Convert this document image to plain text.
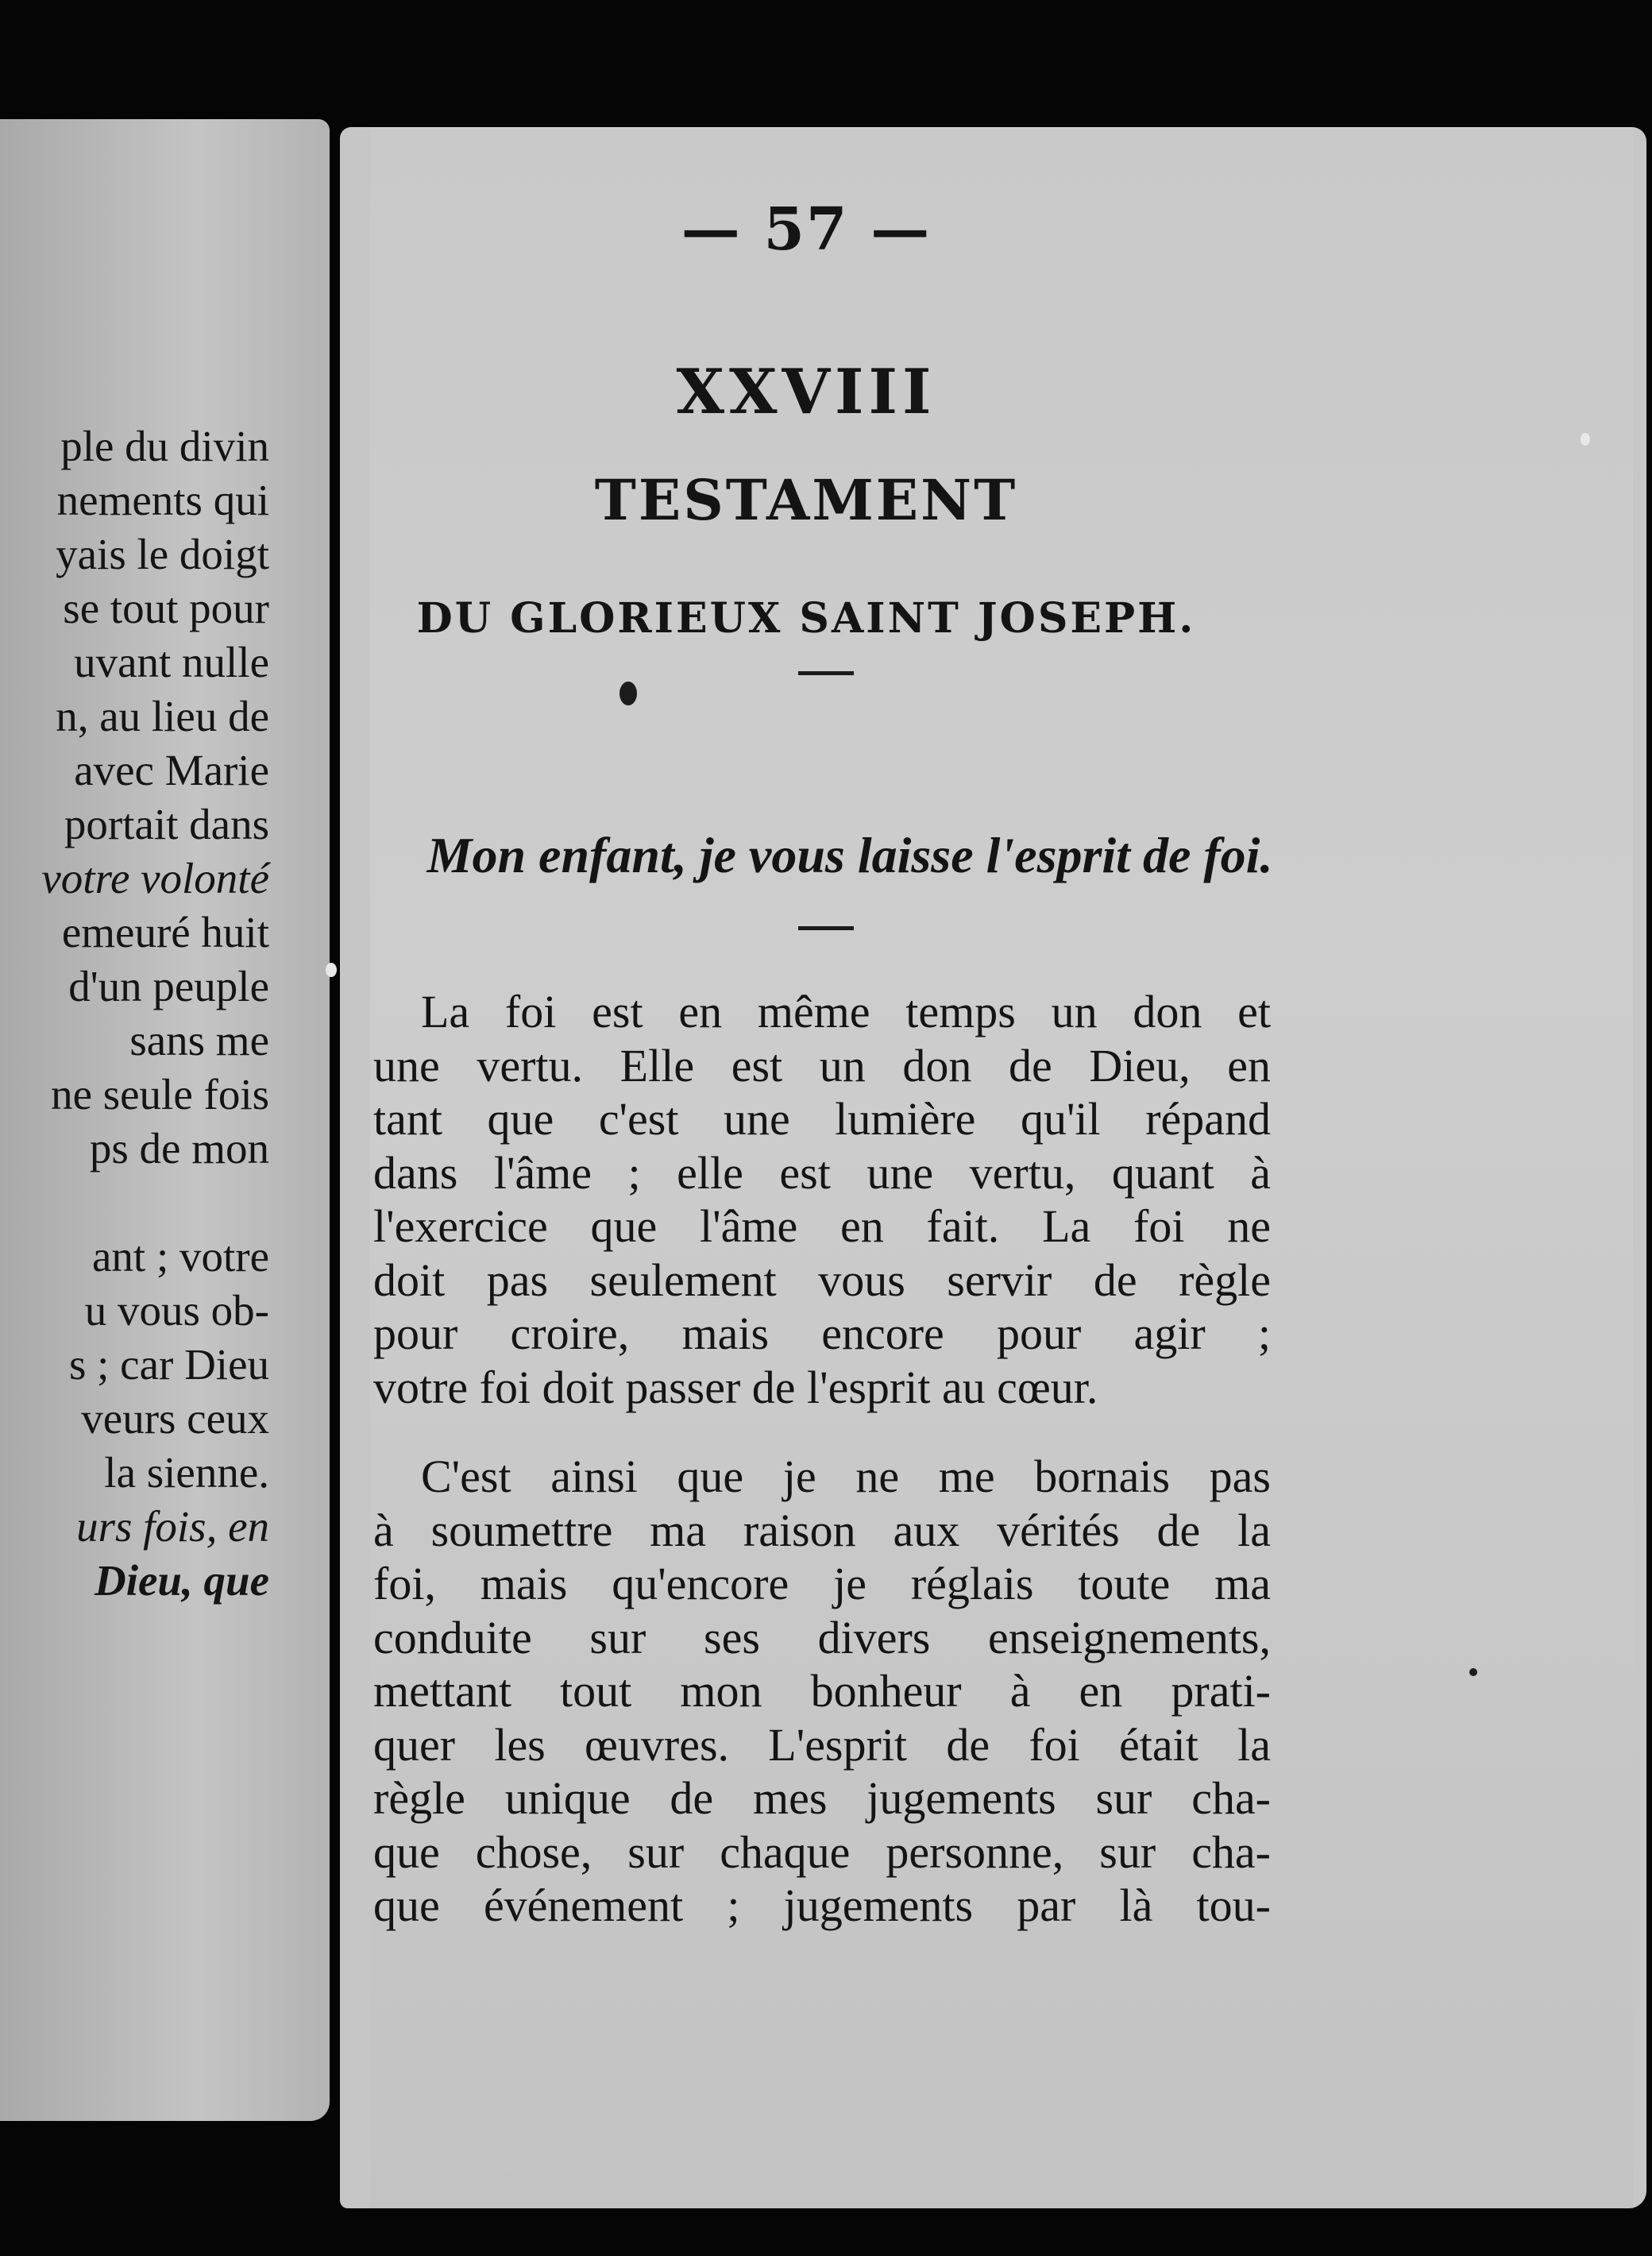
ple du divin
nements qui
yais le doigt
se tout pour
uvant nulle
n, au lieu de
avec Marie
portait dans
votre volonté
emeuré huit
d'un peuple
sans me
ne seule fois
ps de mon
ant ; votre
u vous ob-
s ; car Dieu
veurs ceux
la sienne.
urs fois, en
Dieu, que
— 57 —
XXVIII
TESTAMENT
DU GLORIEUX SAINT JOSEPH.
Mon enfant, je vous laisse l'esprit de foi.
La foi est en même temps un don et
une vertu. Elle est un don de Dieu, en
tant que c'est une lumière qu'il répand
dans l'âme ; elle est une vertu, quant à
l'exercice que l'âme en fait. La foi ne
doit pas seulement vous servir de règle
pour croire, mais encore pour agir ;
votre foi doit passer de l'esprit au cœur.
C'est ainsi que je ne me bornais pas
à soumettre ma raison aux vérités de la
foi, mais qu'encore je réglais toute ma
conduite sur ses divers enseignements,
mettant tout mon bonheur à en prati-
quer les œuvres. L'esprit de foi était la
règle unique de mes jugements sur cha-
que chose, sur chaque personne, sur cha-
que événement ; jugements par là tou-
